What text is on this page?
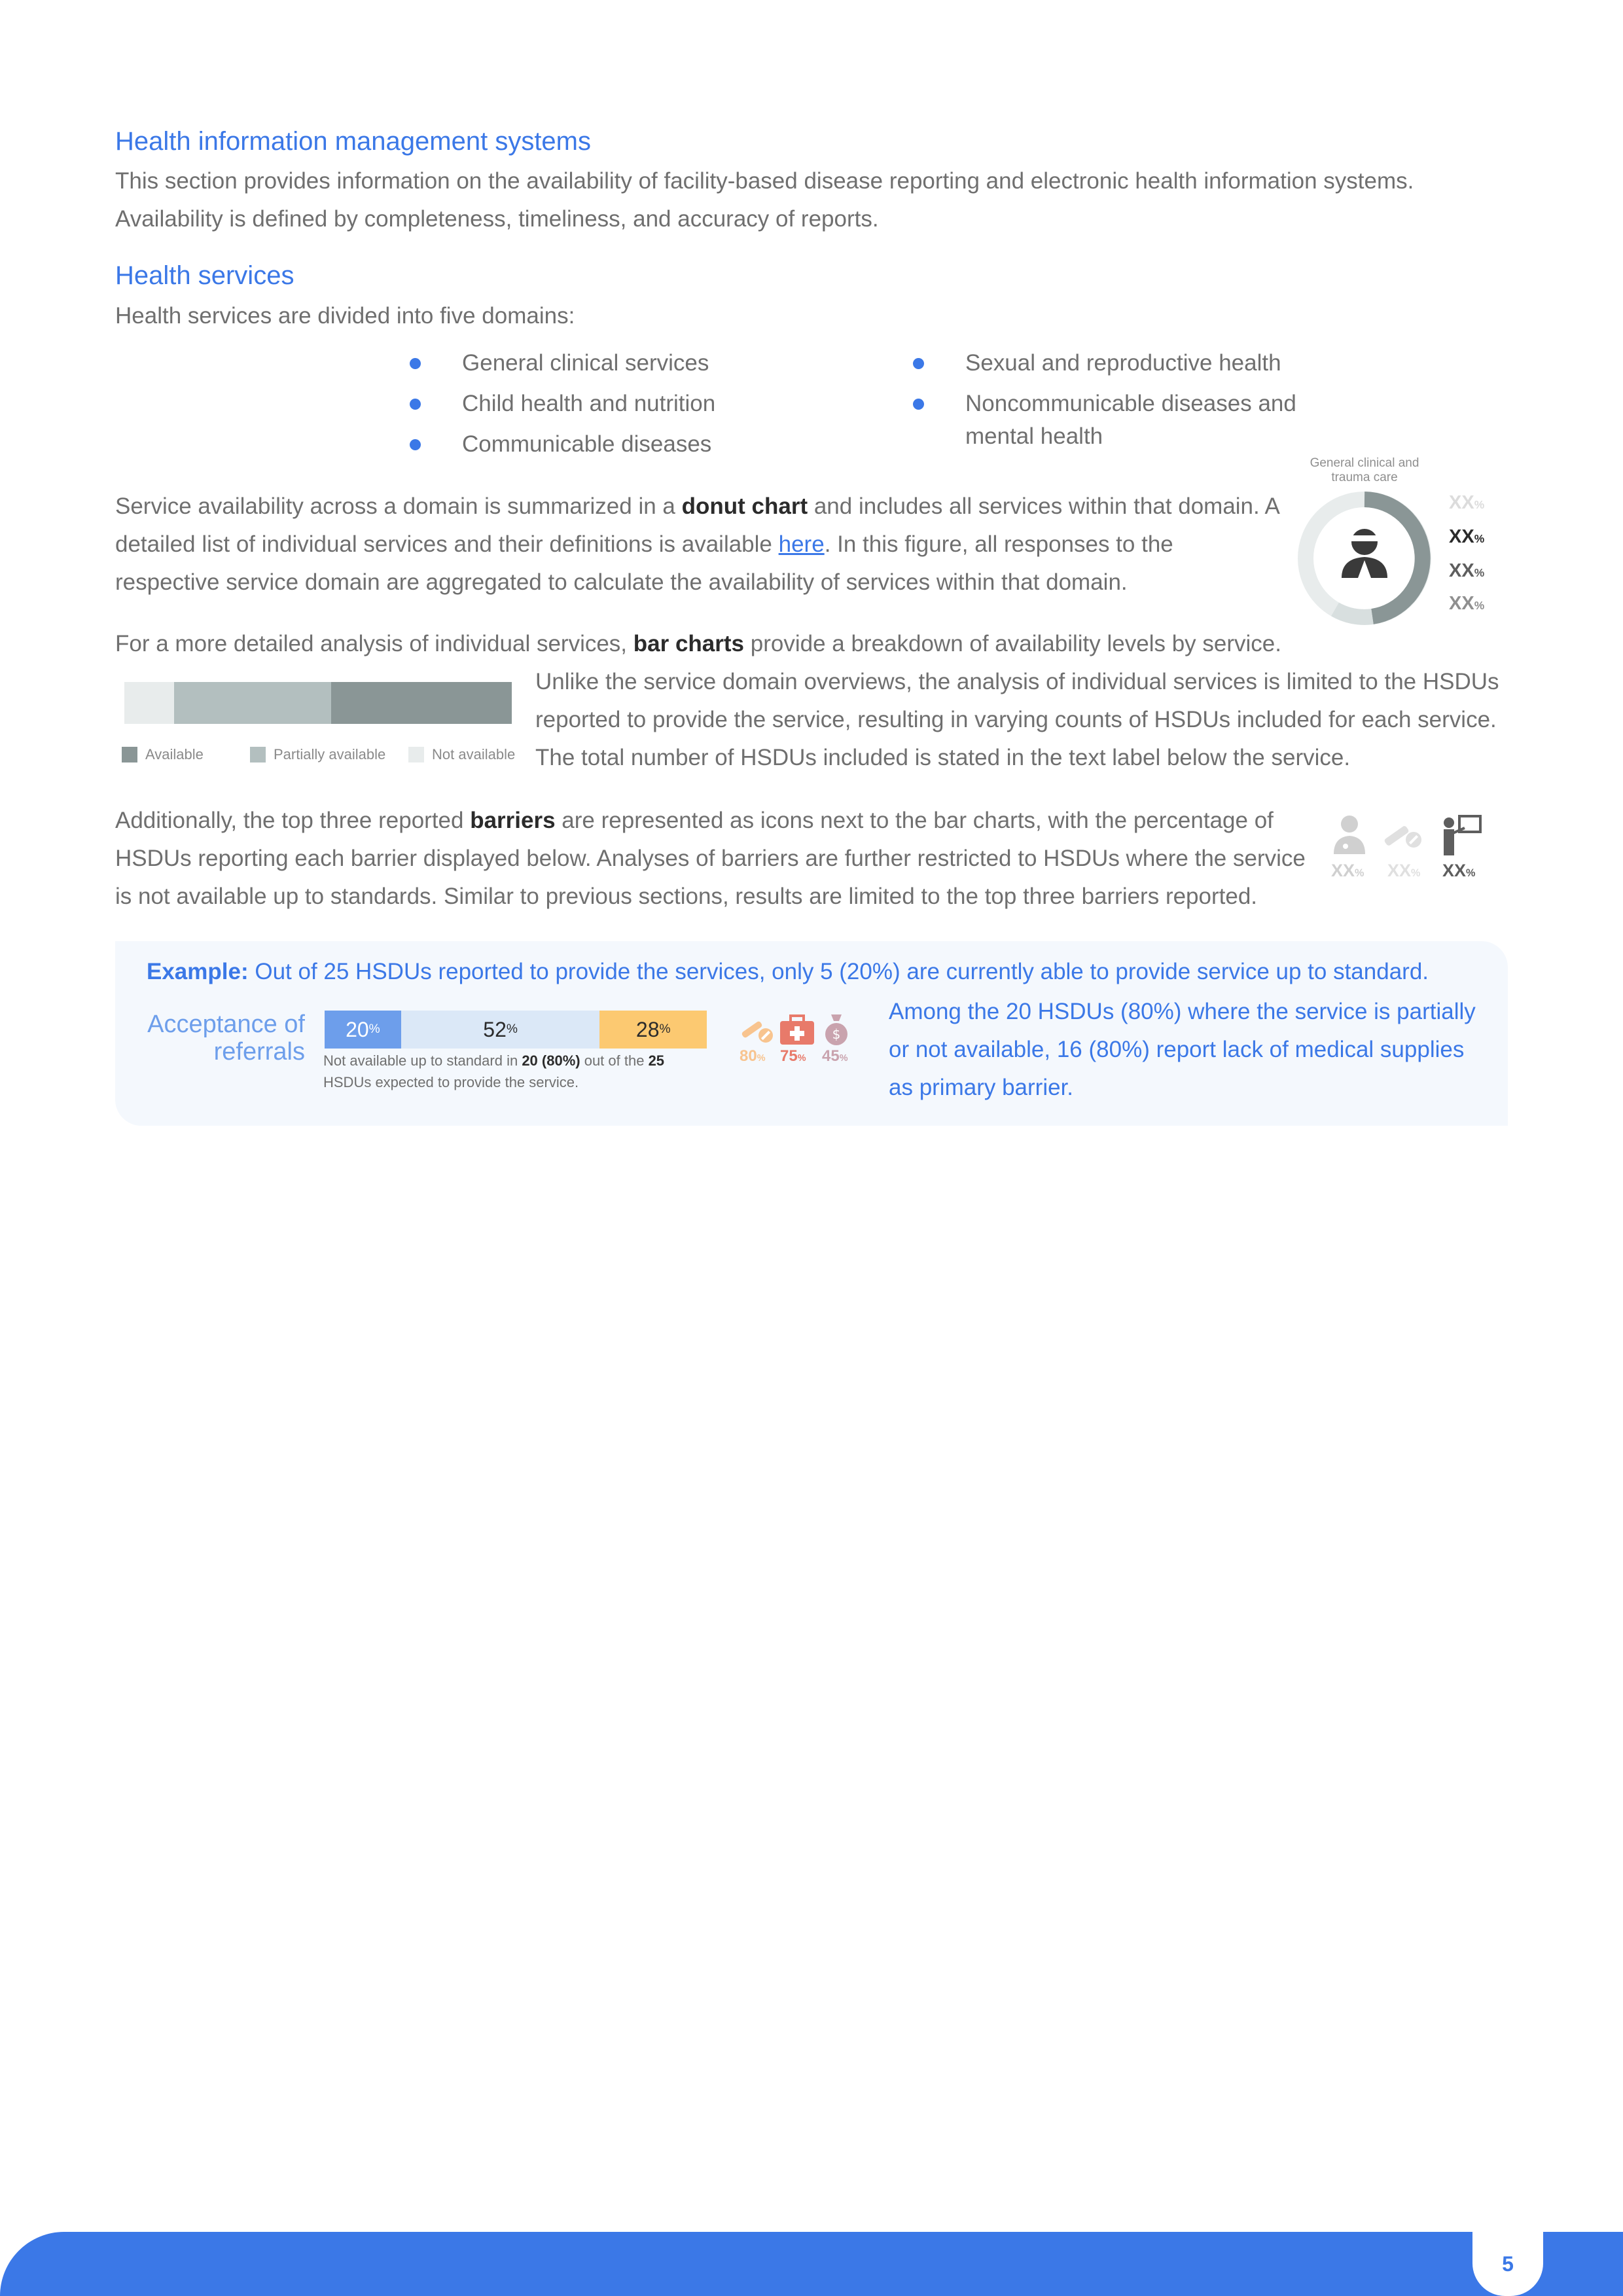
Health information management systems
This section provides information on the availability of facility-based disease reporting and electronic health information systems. Availability is defined by completeness, timeliness, and accuracy of reports.
Health services
Health services are divided into five domains:
General clinical services
Child health and nutrition
Communicable diseases
Sexual and reproductive health
Noncommunicable diseases and mental health
Service availability across a domain is summarized in a donut chart and includes all services within that domain. A detailed list of individual services and their definitions is available here. In this figure, all responses to the respective service domain are aggregated to calculate the availability of services within that domain.
General clinical and trauma care
XX%
XX%
XX%
XX%
For a more detailed analysis of individual services, bar charts provide a breakdown of availability levels by service.
Available	Partially available	Not available
Unlike the service domain overviews, the analysis of individual services is limited to the HSDUs reported to provide the service, resulting in varying counts of HSDUs included for each service. The total number of HSDUs included is stated in the text label below the service.
Additionally, the top three reported barriers are represented as icons next to the bar charts, with the percentage of HSDUs reporting each barrier displayed below. Analyses of barriers are further restricted to HSDUs where the service is not available up to standards. Similar to previous sections, results are limited to the top three barriers reported.
XX% XX% XX%
Example: Out of 25 HSDUs reported to provide the services, only 5 (20%) are currently able to provide service up to standard.
Acceptance of
referrals
20 %	52 %	28 %
Not available up to standard in 20 (80%) out of the 25
HSDUs expected to provide the service.
$
80% 75% 45%
Among the 20 HSDUs (80%) where the service is partially or not available, 16 (80%) report lack of medical supplies as primary barrier.
5
